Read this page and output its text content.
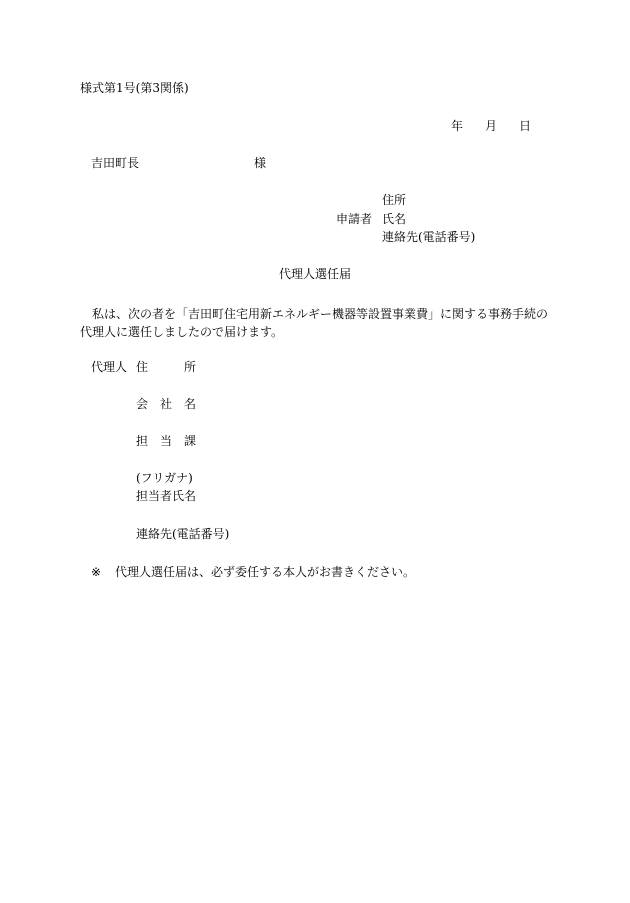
様式第1号(第3関係)
年 月 日
吉田町長	様
住所
申請者 氏名
連絡先(電話番号)
代理人選任届
私は、次の者を「吉田町住宅用新エネルギー機器等設置事業費」に関する事務手続の代理人に選任しましたので届けます。
代理人 住　　　所
会　社　名
担　当　課
(フリガナ)
担当者氏名
連絡先(電話番号)
※ 代理人選任届は、必ず委任する本人がお書きください。
